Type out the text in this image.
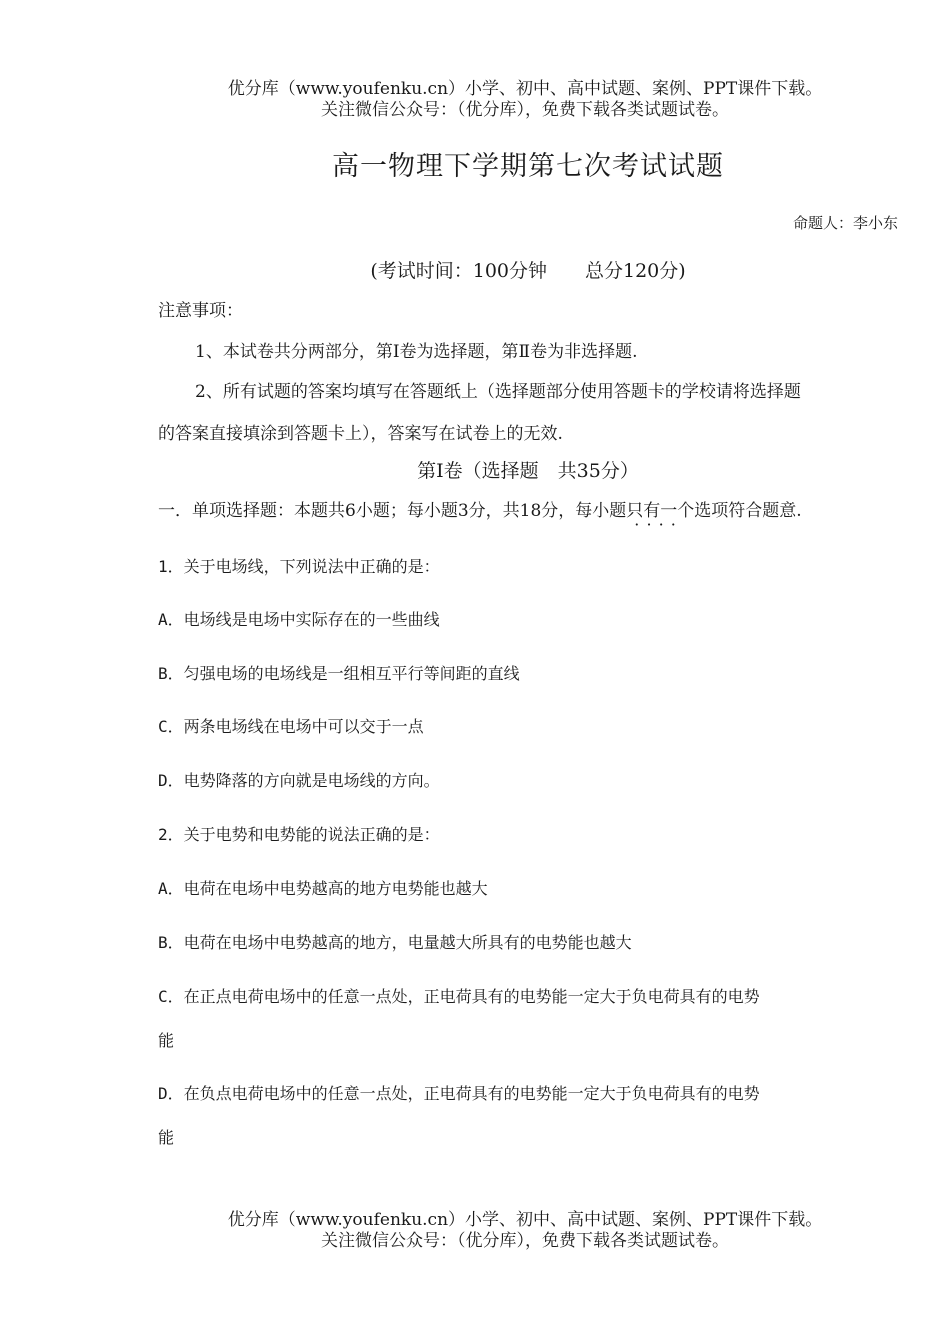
优分库（www.youfenku.cn）小学、初中、高中试题、案例、PPT课件下载。
关注微信公众号：（优分库），免费下载各类试题试卷。
高一物理下学期第七次考试试题
命题人：李小东
(考试时间：100分钟　　总分120分)
注意事项：
1、本试卷共分两部分，第Ⅰ卷为选择题，第Ⅱ卷为非选择题.
2、所有试题的答案均填写在答题纸上（选择题部分使用答题卡的学校请将选择题
的答案直接填涂到答题卡上），答案写在试卷上的无效.
第Ⅰ卷（选择题　共35分）
一．单项选择题：本题共6小题；每小题3分，共18分，每小题只有一个 · · · ·选项符合题意.
1．关于电场线，下列说法中正确的是：
A．电场线是电场中实际存在的一些曲线
B．匀强电场的电场线是一组相互平行等间距的直线
C．两条电场线在电场中可以交于一点
D．电势降落的方向就是电场线的方向。
2．关于电势和电势能的说法正确的是：
A．电荷在电场中电势越高的地方电势能也越大
B．电荷在电场中电势越高的地方，电量越大所具有的电势能也越大
C．在正点电荷电场中的任意一点处，正电荷具有的电势能一定大于负电荷具有的电势
能
D．在负点电荷电场中的任意一点处，正电荷具有的电势能一定大于负电荷具有的电势
能
优分库（www.youfenku.cn）小学、初中、高中试题、案例、PPT课件下载。
关注微信公众号：（优分库），免费下载各类试题试卷。
